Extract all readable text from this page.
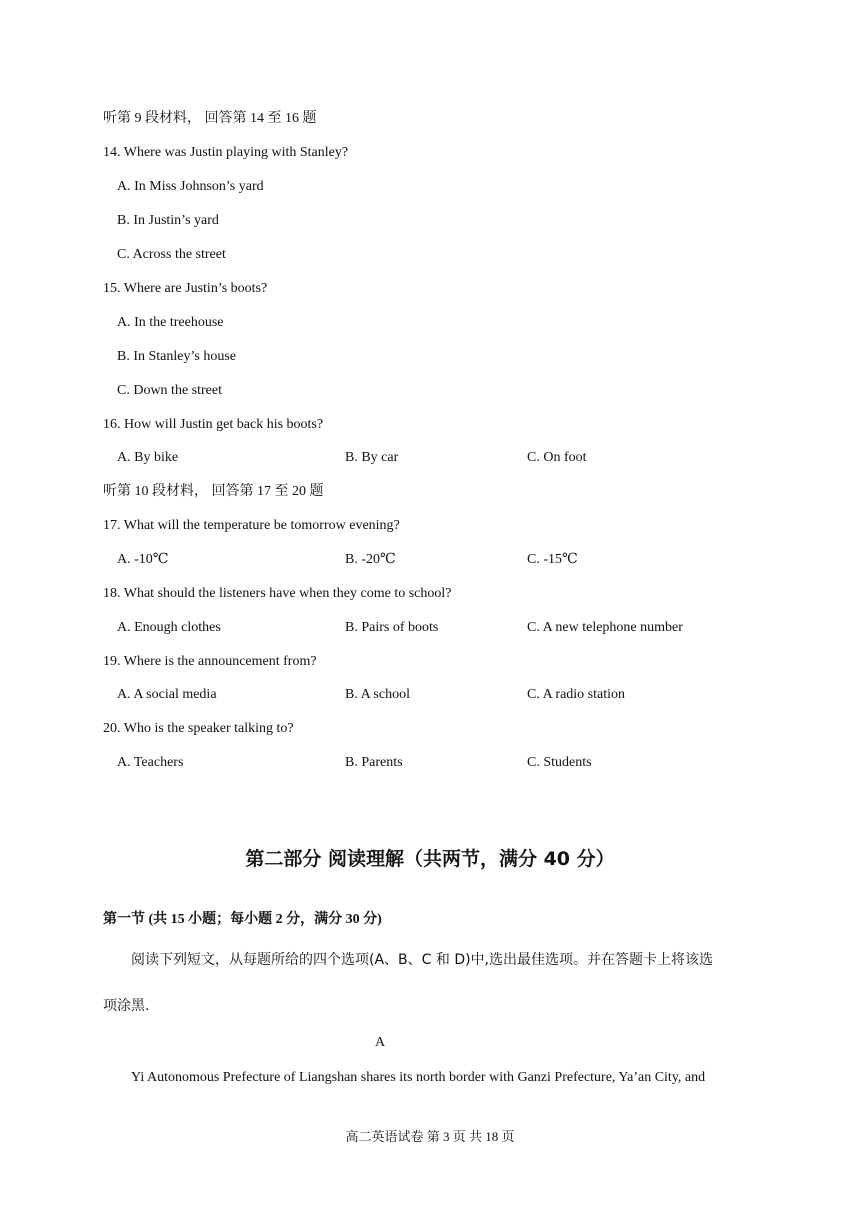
听第 9 段材料， 回答第 14 至 16 题
14. Where was Justin playing with Stanley?
A. In Miss Johnson’s yard
B. In Justin’s yard
C. Across the street
15. Where are Justin’s boots?
A. In the treehouse
B. In Stanley’s house
C. Down the street
16. How will Justin get back his boots?
A. By bike	B. By car	C. On foot
听第 10 段材料， 回答第 17 至 20 题
17. What will the temperature be tomorrow evening?
A. -10℃	B. -20℃	C. -15℃
18. What should the listeners have when they come to school?
A. Enough clothes	B. Pairs of boots	C. A new telephone number
19. Where is the announcement from?
A. A social media	B. A school	C. A radio station
20. Who is the speaker talking to?
A. Teachers	B. Parents	C. Students
第二部分 阅读理解（共两节，满分 40 分）
第一节 (共 15 小题；每小题 2 分，满分 30 分)
阅读下列短文，从每题所给的四个选项(A、B、C 和 D)中,选出最佳选项。并在答题卡上将该选
项涂黑.
A
Yi Autonomous Prefecture of Liangshan shares its north border with Ganzi Prefecture, Ya’an City, and
高二英语试卷 第 3 页 共 18 页
